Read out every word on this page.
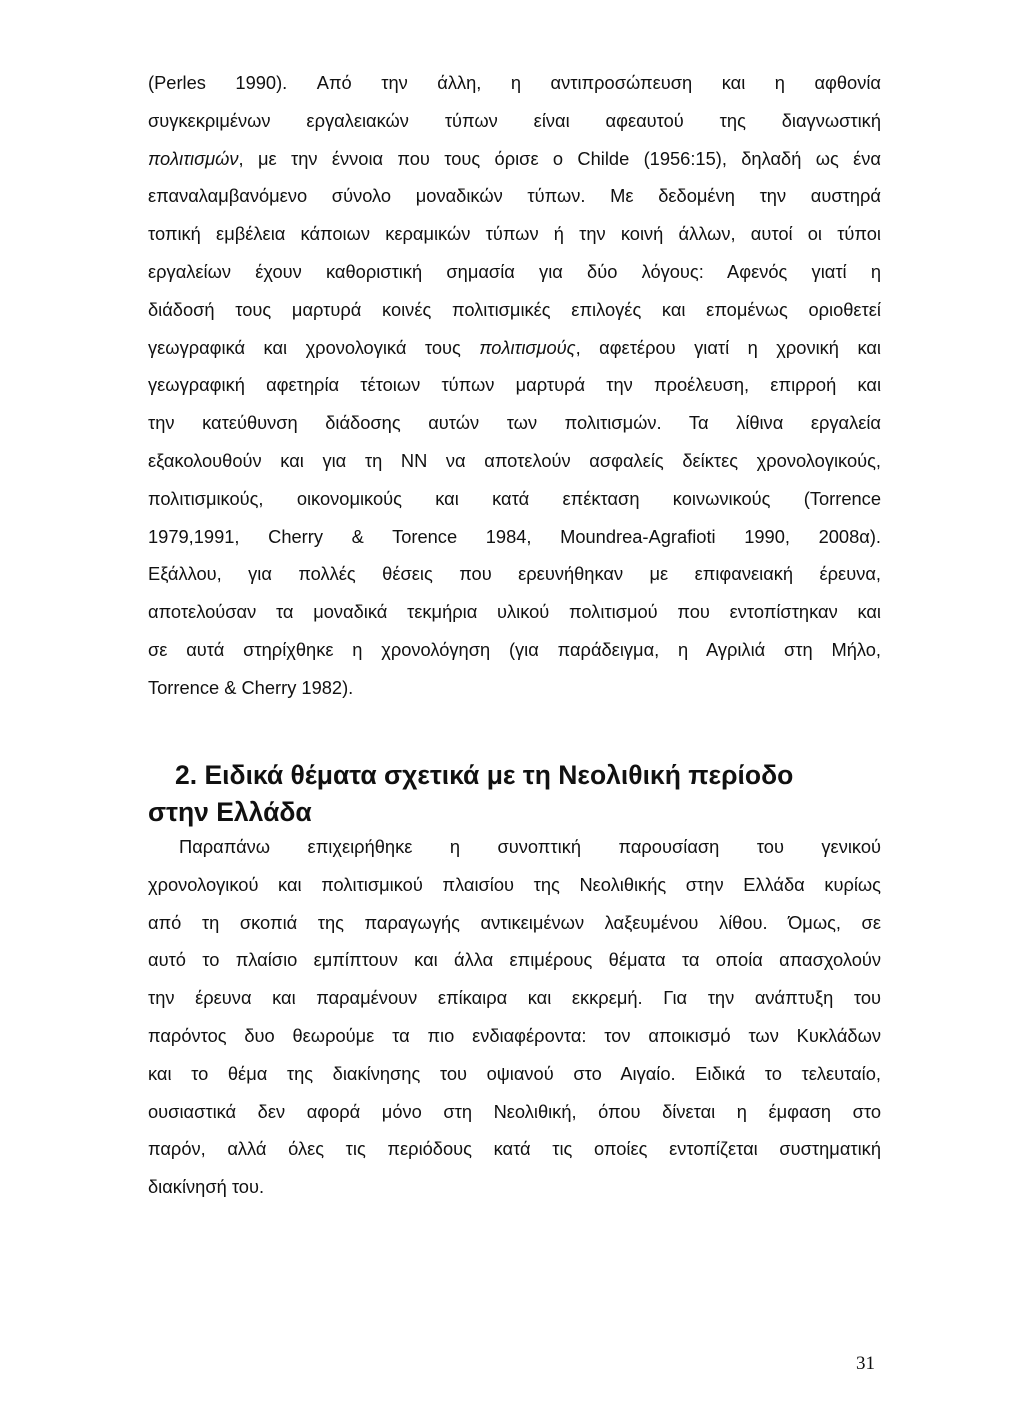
(Perles 1990). Από την άλλη, η αντιπροσώπευση και η αφθονία
συγκεκριμένων εργαλειακών τύπων είναι αφεαυτού της διαγνωστική
πολιτισμών, με την έννοια που τους όρισε ο Childe (1956:15), δηλαδή ως ένα
επαναλαμβανόμενο σύνολο μοναδικών τύπων. Με δεδομένη την αυστηρά
τοπική εμβέλεια κάποιων κεραμικών τύπων ή την κοινή άλλων, αυτοί οι τύποι
εργαλείων έχουν καθοριστική σημασία για δύο λόγους: Αφενός γιατί η
διάδοσή τους μαρτυρά κοινές πολιτισμικές επιλογές και επομένως οριοθετεί
γεωγραφικά και χρονολογικά τους πολιτισμούς, αφετέρου γιατί η χρονική και
γεωγραφική αφετηρία τέτοιων τύπων μαρτυρά την προέλευση, επιρροή και
την κατεύθυνση διάδοσης αυτών των πολιτισμών. Τα λίθινα εργαλεία
εξακολουθούν και για τη ΝΝ να αποτελούν ασφαλείς δείκτες χρονολογικούς,
πολιτισμικούς, οικονομικούς και κατά επέκταση κοινωνικούς (Torrence
1979,1991, Cherry & Torence 1984, Moundrea-Agrafioti 1990, 2008α).
Εξάλλου, για πολλές θέσεις που ερευνήθηκαν με επιφανειακή έρευνα,
αποτελούσαν τα μοναδικά τεκμήρια υλικού πολιτισμού που εντοπίστηκαν και
σε αυτά στηρίχθηκε η χρονολόγηση (για παράδειγμα, η Αγριλιά στη Μήλο,
Torrence & Cherry 1982).
2. Ειδικά θέματα σχετικά με τη Νεολιθική περίοδο
στην Ελλάδα
Παραπάνω επιχειρήθηκε η συνοπτική παρουσίαση του γενικού
χρονολογικού και πολιτισμικού πλαισίου της Νεολιθικής στην Ελλάδα κυρίως
από τη σκοπιά της παραγωγής αντικειμένων λαξευμένου λίθου. Όμως, σε
αυτό το πλαίσιο εμπίπτουν και άλλα επιμέρους θέματα τα οποία απασχολούν
την έρευνα και παραμένουν επίκαιρα και εκκρεμή. Για την ανάπτυξη του
παρόντος δυο θεωρούμε τα πιο ενδιαφέροντα: τον αποικισμό των Κυκλάδων
και το θέμα της διακίνησης του οψιανού στο Αιγαίο. Ειδικά το τελευταίο,
ουσιαστικά δεν αφορά μόνο στη Νεολιθική, όπου δίνεται η έμφαση στο
παρόν, αλλά όλες τις περιόδους κατά τις οποίες εντοπίζεται συστηματική
διακίνησή του.
31
